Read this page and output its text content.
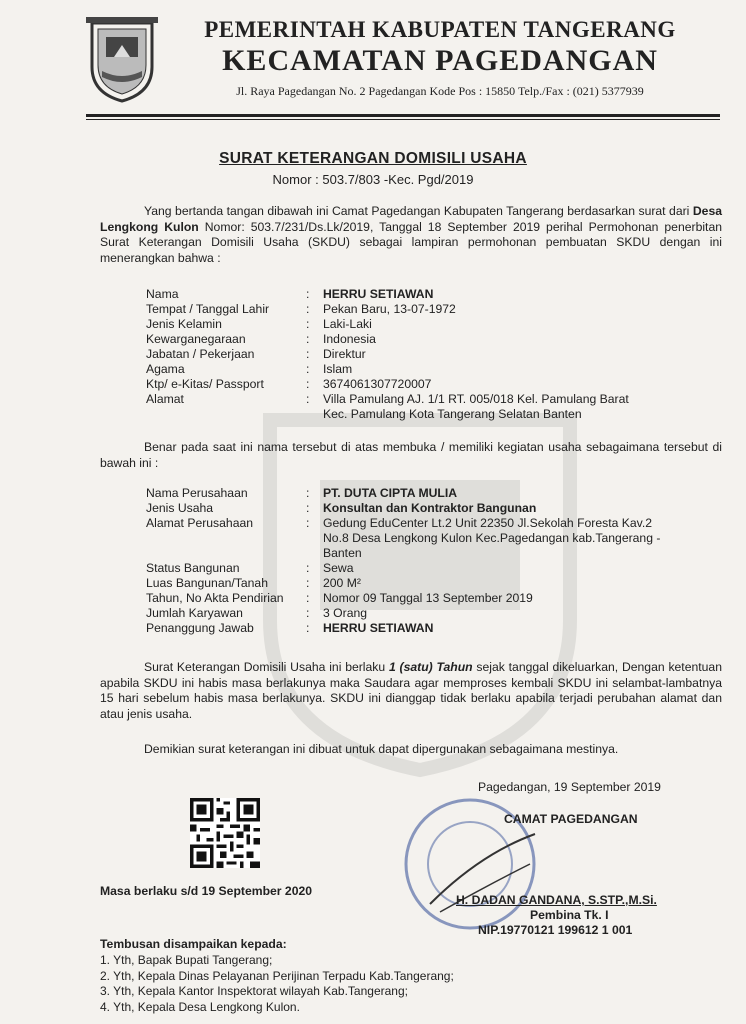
PEMERINTAH KABUPATEN TANGERANG
KECAMATAN PAGEDANGAN
Jl. Raya Pagedangan No. 2 Pagedangan Kode Pos : 15850 Telp./Fax : (021) 5377939
SURAT KETERANGAN DOMISILI USAHA
Nomor : 503.7/803 -Kec. Pgd/2019
Yang bertanda tangan dibawah ini Camat Pagedangan Kabupaten Tangerang berdasarkan surat dari Desa Lengkong Kulon Nomor: 503.7/231/Ds.Lk/2019, Tanggal 18 September 2019 perihal Permohonan penerbitan Surat Keterangan Domisili Usaha (SKDU) sebagai lampiran permohonan pembuatan SKDU dengan ini menerangkan bahwa :
Nama	:	HERRU SETIAWAN
Tempat / Tanggal Lahir	:	Pekan Baru, 13-07-1972
Jenis Kelamin	:	Laki-Laki
Kewarganegaraan	:	Indonesia
Jabatan / Pekerjaan	:	Direktur
Agama	:	Islam
Ktp/ e-Kitas/ Passport	:	3674061307720007
Alamat	:	Villa Pamulang AJ. 1/1 RT. 005/018 Kel. Pamulang Barat
Kec. Pamulang Kota Tangerang Selatan Banten
Benar pada saat ini nama tersebut di atas membuka / memiliki kegiatan usaha sebagaimana tersebut di bawah ini :
Nama Perusahaan	:	PT. DUTA CIPTA MULIA
Jenis Usaha	:	Konsultan dan Kontraktor Bangunan
Alamat Perusahaan	:	Gedung EduCenter Lt.2 Unit 22350 Jl.Sekolah Foresta Kav.2
No.8 Desa Lengkong Kulon Kec.Pagedangan kab.Tangerang -
Banten
Status Bangunan	:	Sewa
Luas Bangunan/Tanah	:	200 M²
Tahun, No Akta Pendirian	:	Nomor 09 Tanggal 13 September 2019
Jumlah Karyawan	:	3 Orang
Penanggung Jawab	:	HERRU SETIAWAN
Surat Keterangan Domisili Usaha ini berlaku 1 (satu) Tahun sejak tanggal dikeluarkan, Dengan ketentuan apabila SKDU ini habis masa berlakunya maka Saudara agar memproses kembali SKDU ini selambat-lambatnya 15 hari sebelum habis masa berlakunya. SKDU ini dianggap tidak berlaku apabila terjadi perubahan alamat dan atau jenis usaha.
Demikian surat keterangan ini dibuat untuk dapat dipergunakan sebagaimana mestinya.
Pagedangan, 19 September 2019
CAMAT PAGEDANGAN
H. DADAN GANDANA, S.STP.,M.Si.
Pembina Tk. I
NIP.19770121 199612 1 001
Masa berlaku s/d 19 September 2020
Tembusan disampaikan kepada:
1. Yth, Bapak Bupati Tangerang;
2. Yth, Kepala Dinas Pelayanan Perijinan Terpadu Kab.Tangerang;
3. Yth, Kepala Kantor Inspektorat wilayah Kab.Tangerang;
4. Yth, Kepala Desa Lengkong Kulon.
